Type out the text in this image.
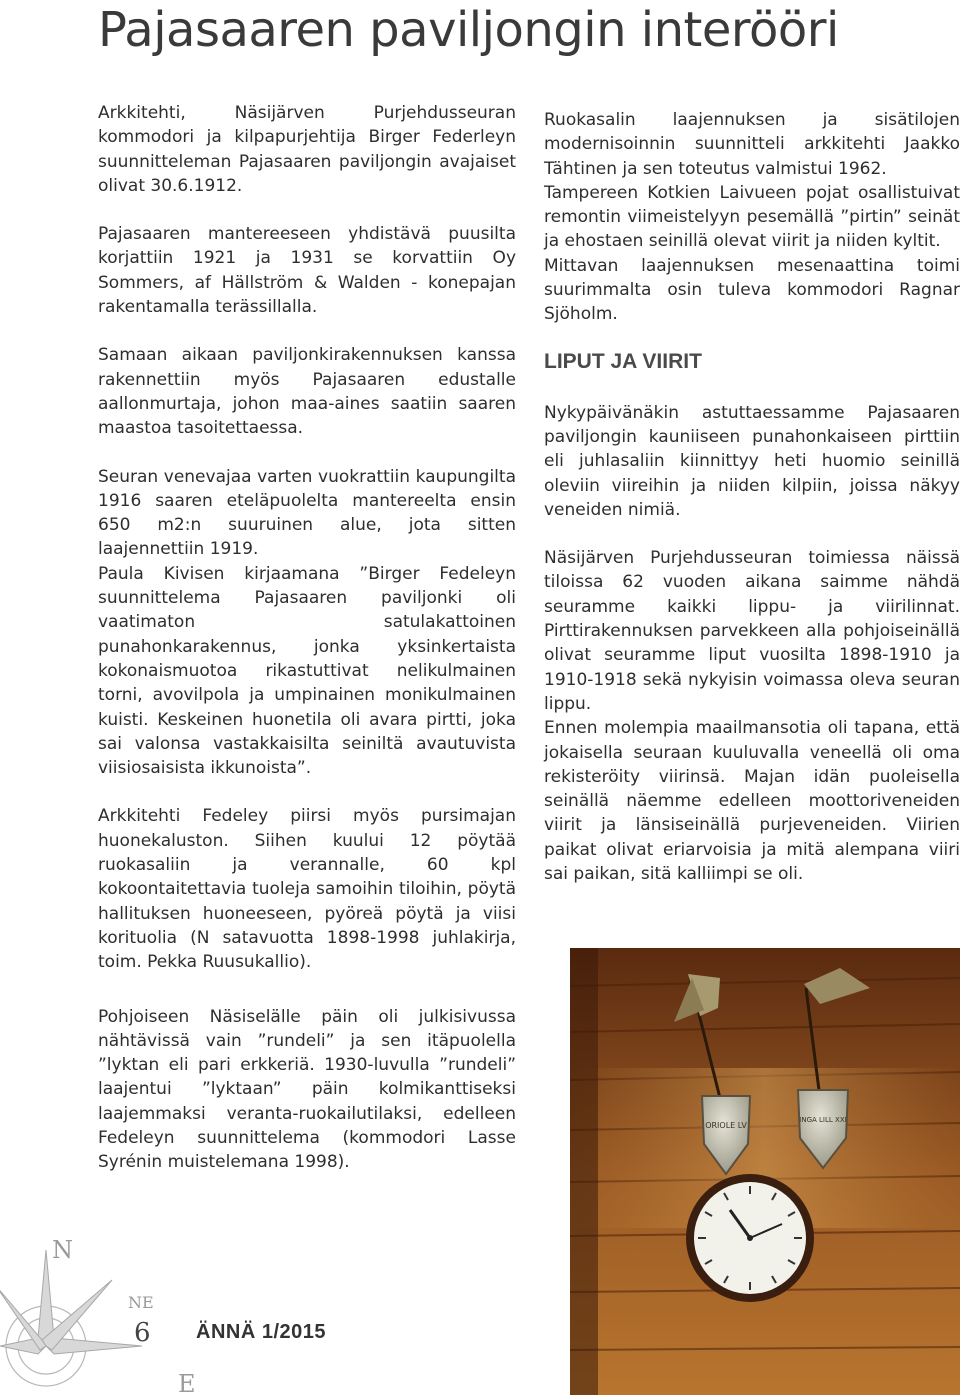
Pajasaaren paviljongin interööri

Arkkitehti, Näsijärven Purjehdusseuran kommodori ja kilpapurjehtija Birger Federleyn suunnitteleman Pajasaaren paviljongin avajaiset olivat 30.6.1912.

Pajasaaren mantereeseen yhdistävä puusilta korjattiin 1921 ja 1931 se korvattiin Oy Sommers, af Hällström & Walden - konepajan rakentamalla terässillalla.

Samaan aikaan paviljonkirakennuksen kanssa rakennettiin myös Pajasaaren edustalle aallonmurtaja, johon maa-aines saatiin saaren maastoa tasoitettaessa.

Seuran venevajaa varten vuokrattiin kaupungilta 1916 saaren eteläpuolelta mantereelta ensin 650 m2:n suuruinen alue, jota sitten laajennettiin 1919.

Paula Kivisen kirjaamana ”Birger Fedeleyn suunnittelema Pajasaaren paviljonki oli vaatimaton satulakattoinen punahonkarakennus, jonka yksinkertaista kokonaismuotoa rikastuttivat nelikulmainen torni, avovilpola ja umpinainen monikulmainen kuisti. Keskeinen huonetila oli avara pirtti, joka sai valonsa vastakkaisilta seiniltä avautuvista viisiosaisista ikkunoista”.

Arkkitehti Fedeley piirsi myös pursimajan huonekaluston. Siihen kuului 12 pöytää ruokasaliin ja verannalle, 60 kpl kokoontaitettavia tuoleja samoihin tiloihin, pöytä hallituksen huoneeseen, pyöreä pöytä ja viisi korituolia (N satavuotta 1898-1998 juhlakirja, toim. Pekka Ruusukallio).

Pohjoiseen Näsiselälle päin oli julkisivussa nähtävissä vain ”rundeli” ja sen itäpuolella ”lyktan eli pari erkkeriä. 1930-luvulla ”rundeli” laajentui ”lyktaan” päin kolmikanttiseksi laajemmaksi veranta-ruokailutilaksi, edelleen Fedeleyn suunnittelema (kommodori Lasse Syrénin muistelemana 1998).

Ruokasalin laajennuksen ja sisätilojen modernisoinnin suunnitteli arkkitehti Jaakko Tähtinen ja sen toteutus valmistui 1962.

Tampereen Kotkien Laivueen pojat osallistuivat remontin viimeistelyyn pesemällä ”pirtin” seinät ja ehostaen seinillä olevat viirit ja niiden kyltit.

Mittavan laajennuksen mesenaattina toimi suurimmalta osin tuleva kommodori Ragnar Sjöholm.

LIPUT JA VIIRIT

Nykypäivänäkin astuttaessamme Pajasaaren paviljongin kauniiseen punahonkaiseen pirttiin eli juhlasaliin kiinnittyy heti huomio seinillä oleviin viireihin ja niiden kilpiin, joissa näkyy veneiden nimiä.

Näsijärven Purjehdusseuran toimiessa näissä tiloissa 62 vuoden aikana saimme nähdä seuramme kaikki lippu- ja viirilinnat. Pirttirakennuksen parvekkeen alla pohjoiseinällä olivat seuramme liput vuosilta 1898-1910 ja 1910-1918 sekä nykyisin voimassa oleva seuran lippu.

Ennen molempia maailmansotia oli tapana, että jokaisella seuraan kuuluvalla veneellä oli oma rekisteröity viirinsä. Majan idän puoleisella seinällä näemme edelleen moottoriveneiden viirit ja länsiseinällä purjeveneiden. Viirien paikat olivat eriarvoisia ja mitä alempana viiri sai paikan, sitä kalliimpi se oli.

ORIOLE LV
INGA LILL XXI
N
NE
E
6 ÄNNÄ 1/2015
